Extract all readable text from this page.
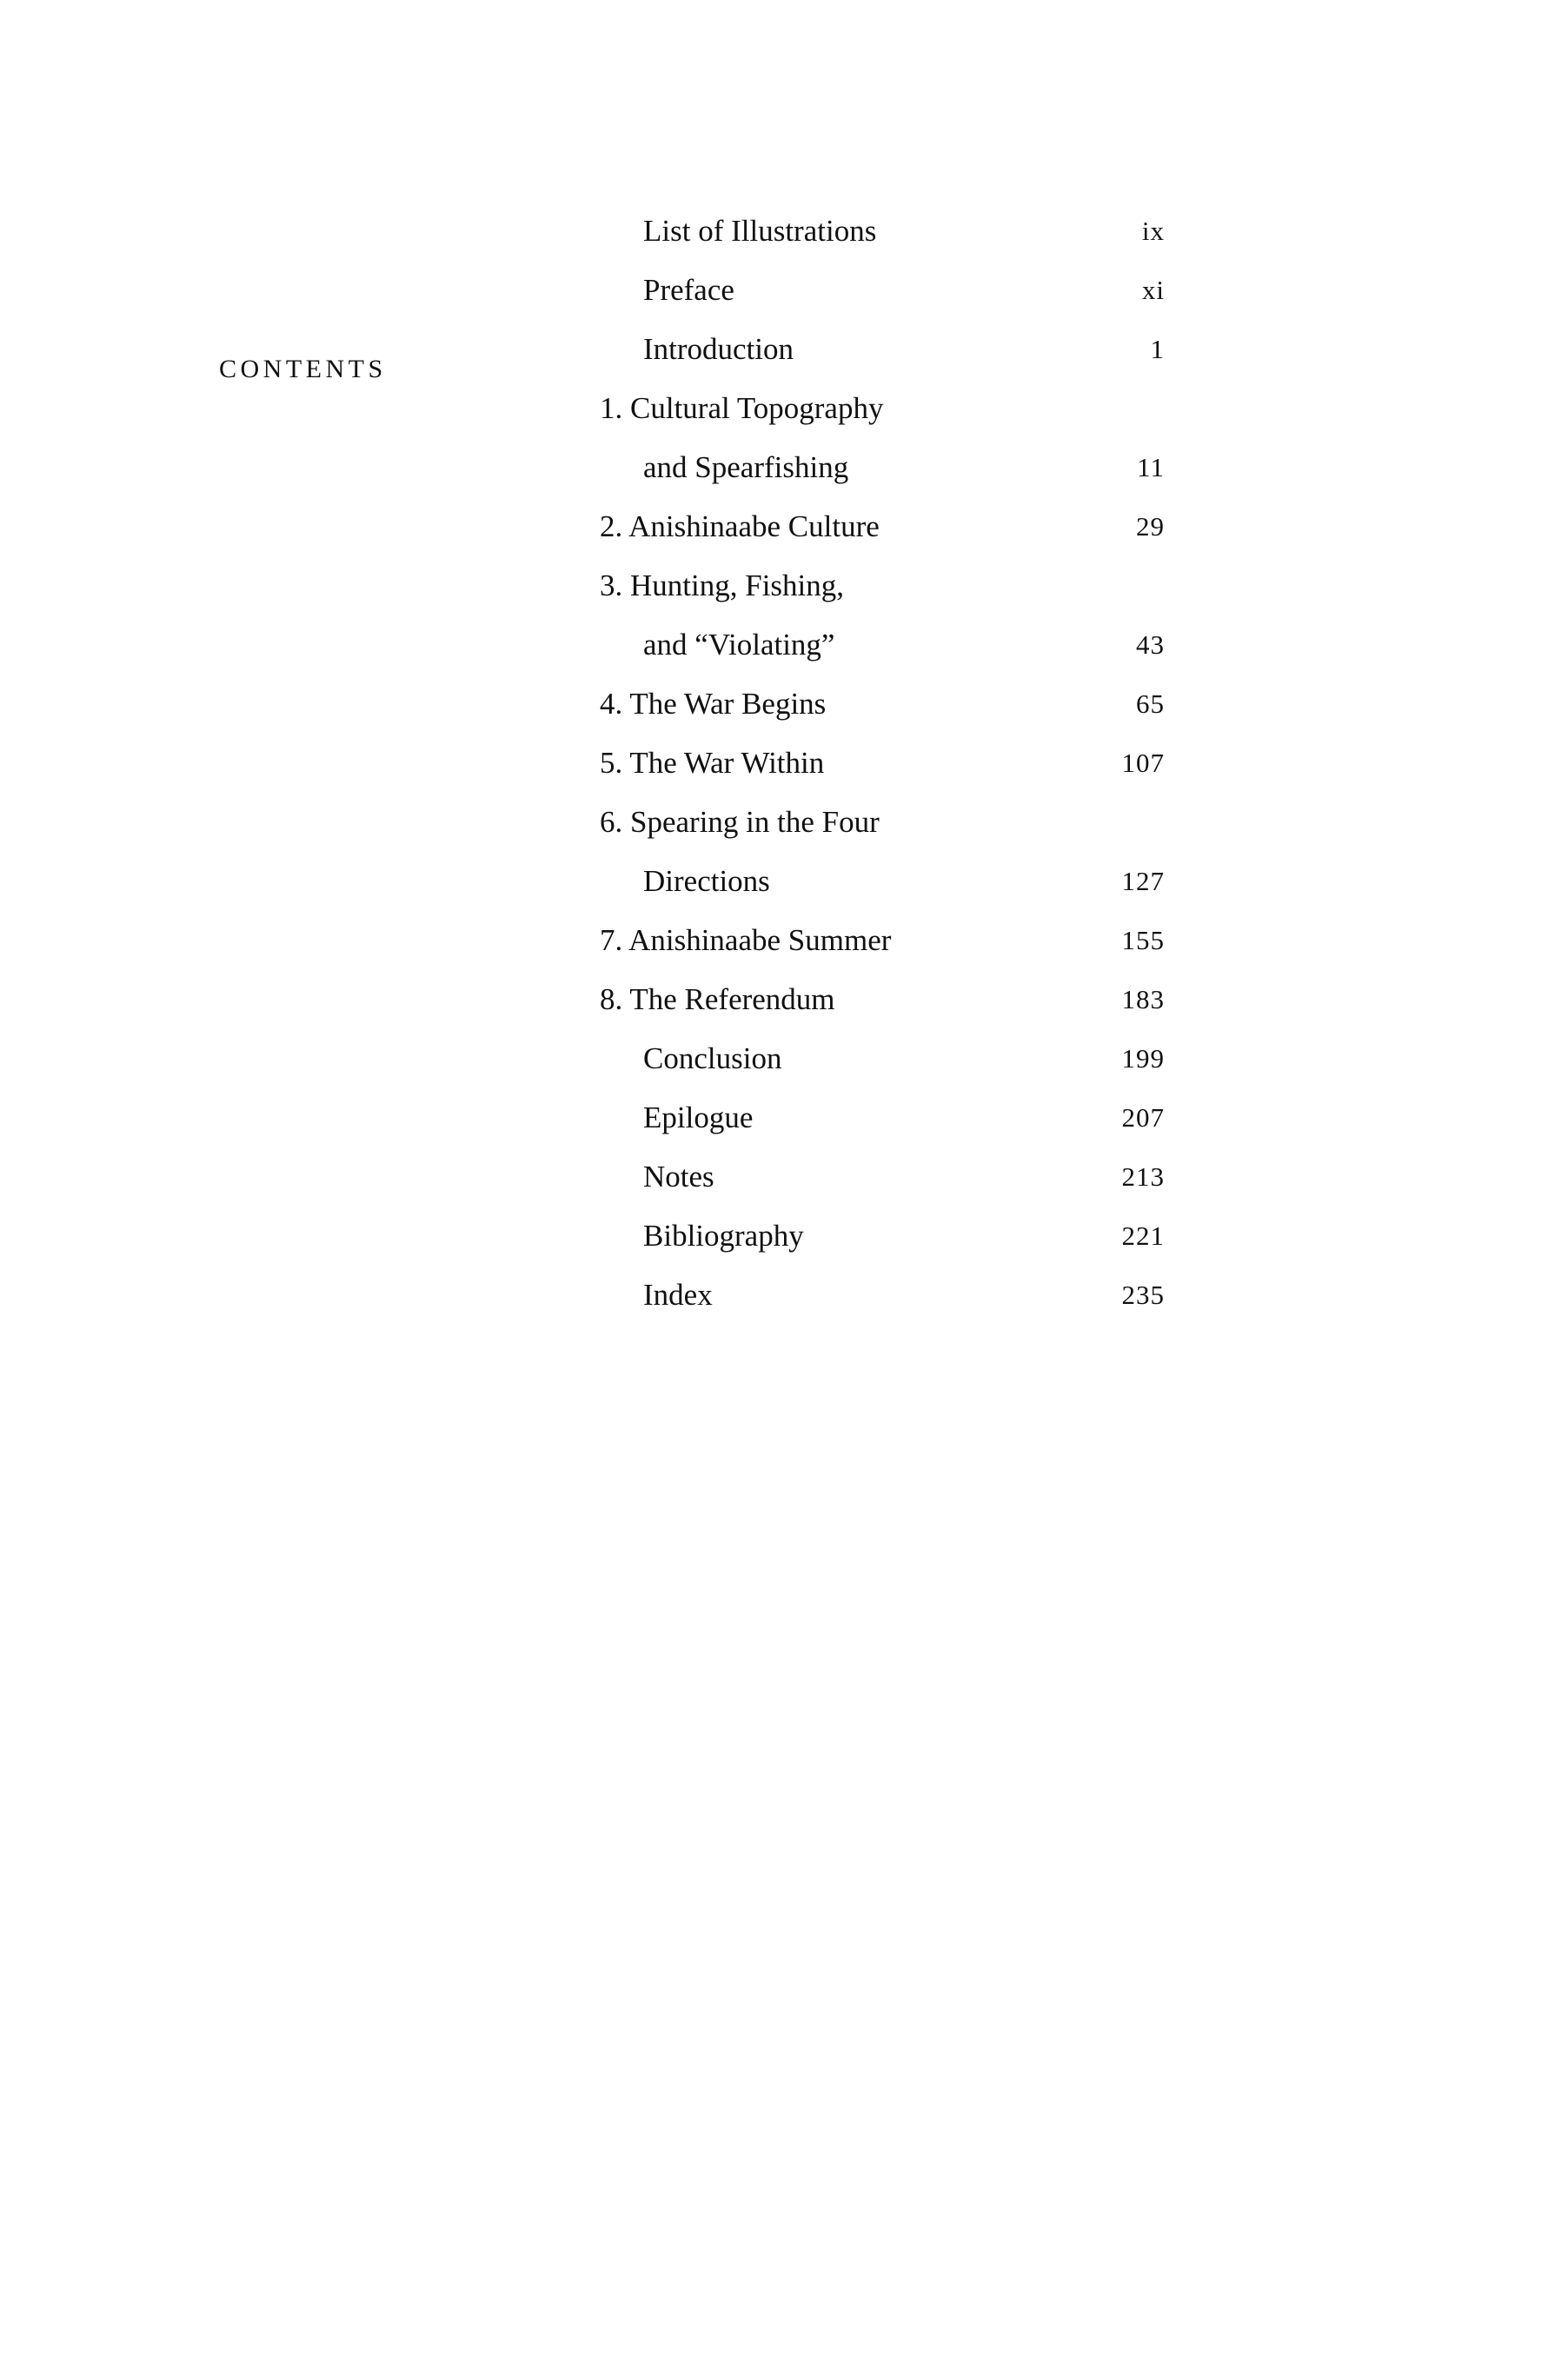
CONTENTS
List of Illustrations	ix
Preface	xi
Introduction	1
1. Cultural Topography
and Spearfishing	11
2. Anishinaabe Culture	29
3. Hunting, Fishing,
and “Violating”	43
4. The War Begins	65
5. The War Within	107
6. Spearing in the Four
Directions	127
7. Anishinaabe Summer	155
8. The Referendum	183
Conclusion	199
Epilogue	207
Notes	213
Bibliography	221
Index	235
